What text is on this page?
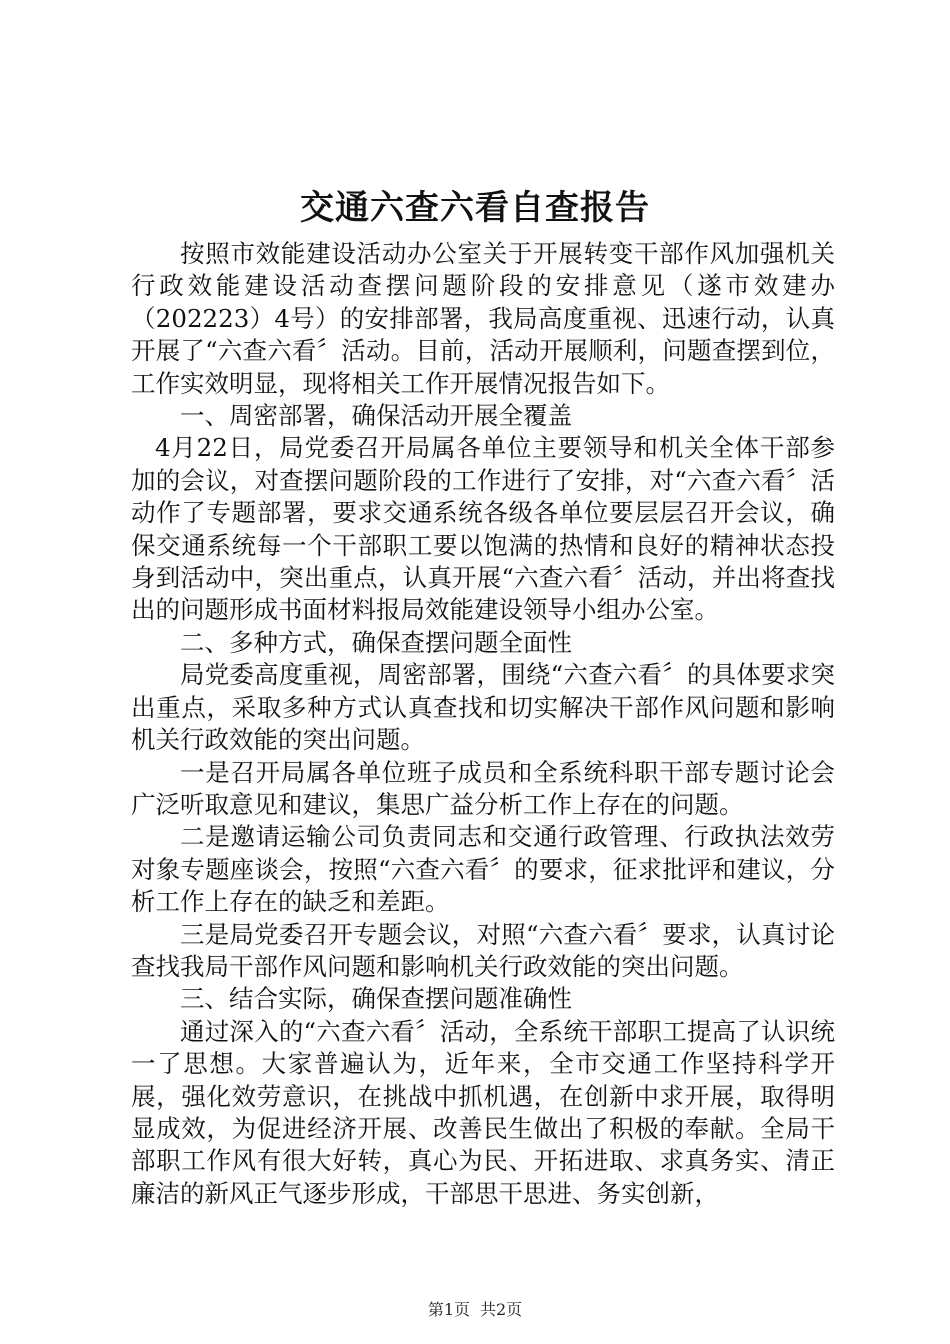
交通六查六看自查报告

按照市效能建设活动办公室关于开展转变干部作风加强机关行政效能建设活动查摆问题阶段的安排意见（遂市效建办（202223）4号）的安排部署，我局高度重视、迅速行动，认真开展了“六查六看〞活动。目前，活动开展顺利，问题查摆到位，工作实效明显，现将相关工作开展情况报告如下。

一、周密部署，确保活动开展全覆盖

4月22日，局党委召开局属各单位主要领导和机关全体干部参加的会议，对查摆问题阶段的工作进行了安排，对“六查六看〞活动作了专题部署，要求交通系统各级各单位要层层召开会议，确保交通系统每一个干部职工要以饱满的热情和良好的精神状态投身到活动中，突出重点，认真开展“六查六看〞活动，并出将查找出的问题形成书面材料报局效能建设领导小组办公室。

二、多种方式，确保查摆问题全面性

局党委高度重视，周密部署，围绕“六查六看〞的具体要求突出重点，采取多种方式认真查找和切实解决干部作风问题和影响机关行政效能的突出问题。

一是召开局属各单位班子成员和全系统科职干部专题讨论会广泛听取意见和建议，集思广益分析工作上存在的问题。

二是邀请运输公司负责同志和交通行政管理、行政执法效劳对象专题座谈会，按照“六查六看〞的要求，征求批评和建议，分析工作上存在的缺乏和差距。

三是局党委召开专题会议，对照“六查六看〞要求，认真讨论查找我局干部作风问题和影响机关行政效能的突出问题。

三、结合实际，确保查摆问题准确性

通过深入的“六查六看〞活动，全系统干部职工提高了认识统一了思想。大家普遍认为，近年来，全市交通工作坚持科学开展，强化效劳意识，在挑战中抓机遇，在创新中求开展，取得明显成效，为促进经济开展、改善民生做出了积极的奉献。全局干部职工作风有很大好转，真心为民、开拓进取、求真务实、清正廉洁的新风正气逐步形成，干部思干思进、务实创新，

第1页 共2页
